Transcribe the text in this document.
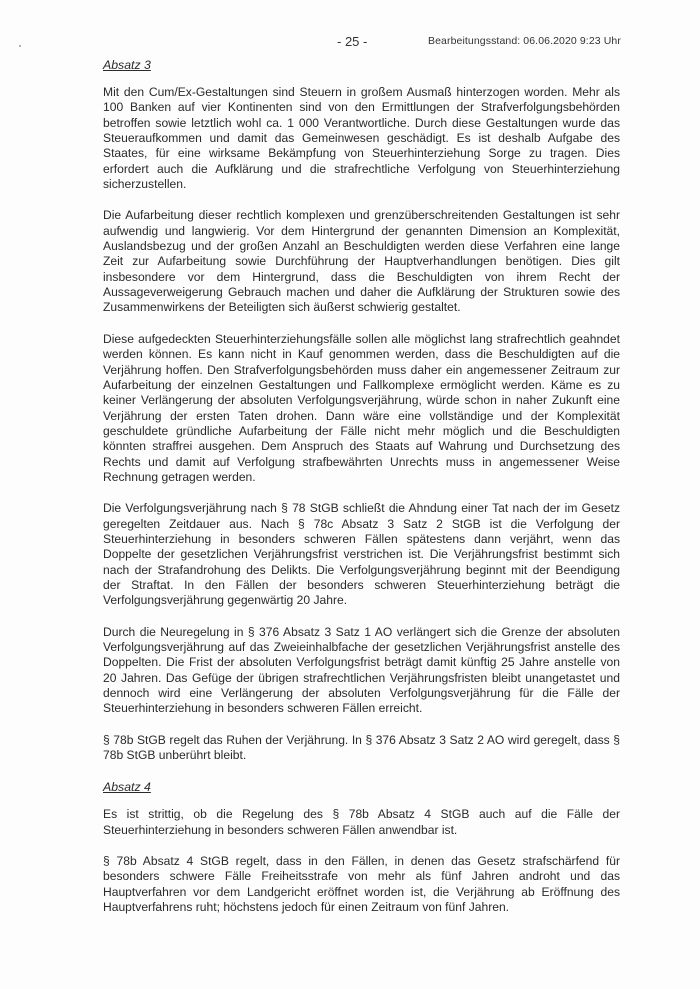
- 25 -	Bearbeitungsstand: 06.06.2020 9:23 Uhr

Absatz 3

Mit den Cum/Ex-Gestaltungen sind Steuern in großem Ausmaß hinterzogen worden. Mehr als 100 Banken auf vier Kontinenten sind von den Ermittlungen der Strafverfolgungsbehörden betroffen sowie letztlich wohl ca. 1 000 Verantwortliche. Durch diese Gestaltungen wurde das Steueraufkommen und damit das Gemeinwesen geschädigt. Es ist deshalb Aufgabe des Staates, für eine wirksame Bekämpfung von Steuerhinterziehung Sorge zu tragen. Dies erfordert auch die Aufklärung und die strafrechtliche Verfolgung von Steuerhinterziehung sicherzustellen.

Die Aufarbeitung dieser rechtlich komplexen und grenzüberschreitenden Gestaltungen ist sehr aufwendig und langwierig. Vor dem Hintergrund der genannten Dimension an Komplexität, Auslandsbezug und der großen Anzahl an Beschuldigten werden diese Verfahren eine lange Zeit zur Aufarbeitung sowie Durchführung der Hauptverhandlungen benötigen. Dies gilt insbesondere vor dem Hintergrund, dass die Beschuldigten von ihrem Recht der Aussageverweigerung Gebrauch machen und daher die Aufklärung der Strukturen sowie des Zusammenwirkens der Beteiligten sich äußerst schwierig gestaltet.

Diese aufgedeckten Steuerhinterziehungsfälle sollen alle möglichst lang strafrechtlich geahndet werden können. Es kann nicht in Kauf genommen werden, dass die Beschuldigten auf die Verjährung hoffen. Den Strafverfolgungsbehörden muss daher ein angemessener Zeitraum zur Aufarbeitung der einzelnen Gestaltungen und Fallkomplexe ermöglicht werden. Käme es zu keiner Verlängerung der absoluten Verfolgungsverjährung, würde schon in naher Zukunft eine Verjährung der ersten Taten drohen. Dann wäre eine vollständige und der Komplexität geschuldete gründliche Aufarbeitung der Fälle nicht mehr möglich und die Beschuldigten könnten straffrei ausgehen. Dem Anspruch des Staats auf Wahrung und Durchsetzung des Rechts und damit auf Verfolgung strafbewährten Unrechts muss in angemessener Weise Rechnung getragen werden.

Die Verfolgungsverjährung nach § 78 StGB schließt die Ahndung einer Tat nach der im Gesetz geregelten Zeitdauer aus. Nach § 78c Absatz 3 Satz 2 StGB ist die Verfolgung der Steuerhinterziehung in besonders schweren Fällen spätestens dann verjährt, wenn das Doppelte der gesetzlichen Verjährungsfrist verstrichen ist. Die Verjährungsfrist bestimmt sich nach der Strafandrohung des Delikts. Die Verfolgungsverjährung beginnt mit der Beendigung der Straftat. In den Fällen der besonders schweren Steuerhinterziehung beträgt die Verfolgungsverjährung gegenwärtig 20 Jahre.

Durch die Neuregelung in § 376 Absatz 3 Satz 1 AO verlängert sich die Grenze der absoluten Verfolgungsverjährung auf das Zweieinhalbfache der gesetzlichen Verjährungsfrist anstelle des Doppelten. Die Frist der absoluten Verfolgungsfrist beträgt damit künftig 25 Jahre anstelle von 20 Jahren. Das Gefüge der übrigen strafrechtlichen Verjährungsfristen bleibt unangetastet und dennoch wird eine Verlängerung der absoluten Verfolgungsverjährung für die Fälle der Steuerhinterziehung in besonders schweren Fällen erreicht.

§ 78b StGB regelt das Ruhen der Verjährung. In § 376 Absatz 3 Satz 2 AO wird geregelt, dass § 78b StGB unberührt bleibt.

Absatz 4

Es ist strittig, ob die Regelung des § 78b Absatz 4 StGB auch auf die Fälle der Steuerhinterziehung in besonders schweren Fällen anwendbar ist.

§ 78b Absatz 4 StGB regelt, dass in den Fällen, in denen das Gesetz strafschärfend für besonders schwere Fälle Freiheitsstrafe von mehr als fünf Jahren androht und das Hauptverfahren vor dem Landgericht eröffnet worden ist, die Verjährung ab Eröffnung des Hauptverfahrens ruht; höchstens jedoch für einen Zeitraum von fünf Jahren.
